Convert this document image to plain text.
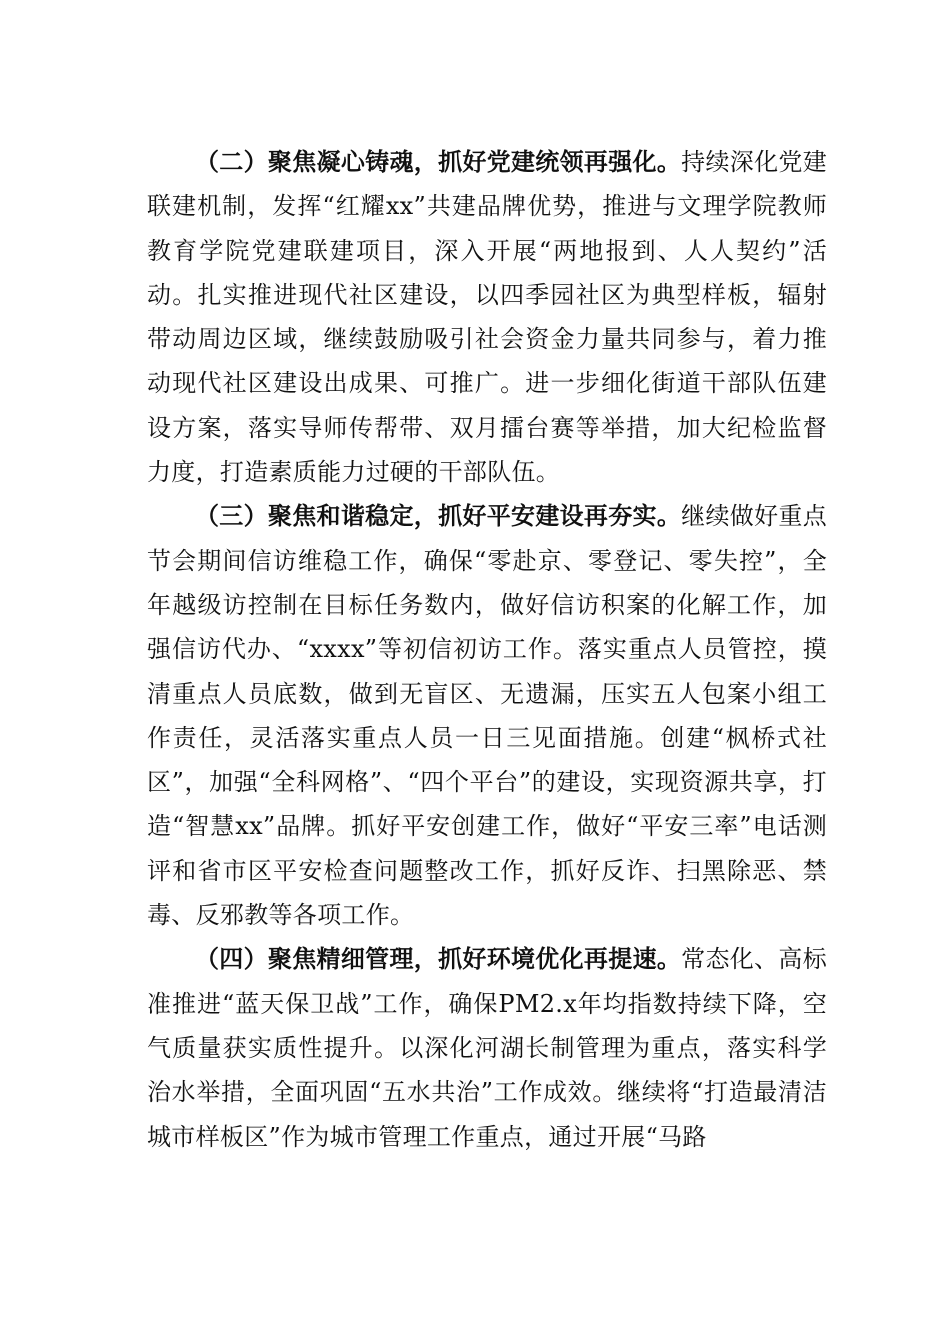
（二）聚焦凝心铸魂，抓好党建统领再强化。持续深化党建联建机制，发挥“红耀xx”共建品牌优势，推进与文理学院教师教育学院党建联建项目，深入开展“两地报到、人人契约”活动。扎实推进现代社区建设，以四季园社区为典型样板，辐射带动周边区域，继续鼓励吸引社会资金力量共同参与，着力推动现代社区建设出成果、可推广。进一步细化街道干部队伍建设方案，落实导师传帮带、双月擂台赛等举措，加大纪检监督力度，打造素质能力过硬的干部队伍。

（三）聚焦和谐稳定，抓好平安建设再夯实。继续做好重点节会期间信访维稳工作，确保“零赴京、零登记、零失控”，全年越级访控制在目标任务数内，做好信访积案的化解工作，加强信访代办、“xxxx”等初信初访工作。落实重点人员管控，摸清重点人员底数，做到无盲区、无遗漏，压实五人包案小组工作责任，灵活落实重点人员一日三见面措施。创建“枫桥式社区”，加强“全科网格”、“四个平台”的建设，实现资源共享，打造“智慧xx”品牌。抓好平安创建工作，做好“平安三率”电话测评和省市区平安检查问题整改工作，抓好反诈、扫黑除恶、禁毒、反邪教等各项工作。

（四）聚焦精细管理，抓好环境优化再提速。常态化、高标准推进“蓝天保卫战”工作，确保PM2.x年均指数持续下降，空气质量获实质性提升。以深化河湖长制管理为重点，落实科学治水举措，全面巩固“五水共治”工作成效。继续将“打造最清洁城市样板区”作为城市管理工作重点，通过开展“马路
